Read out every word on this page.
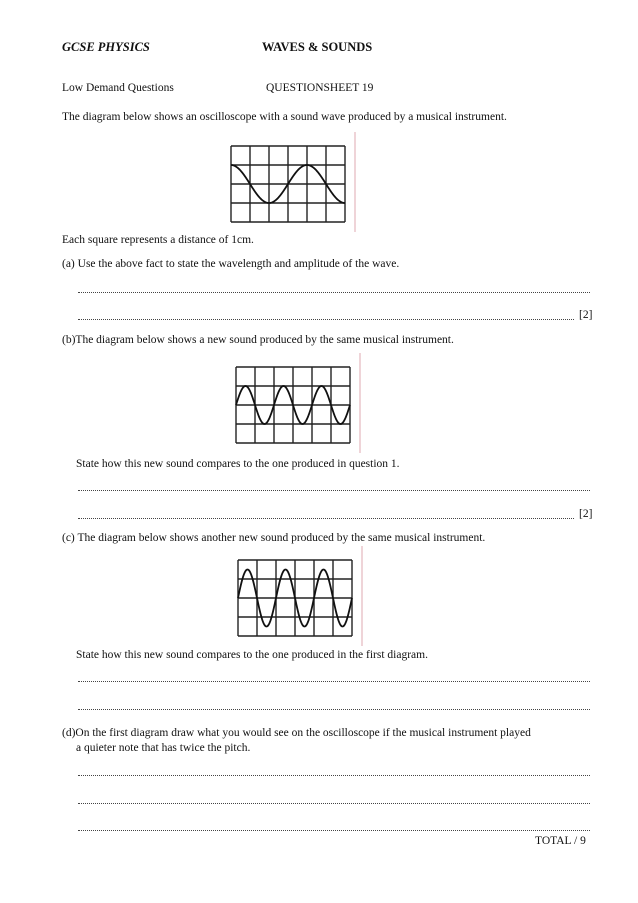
GCSE PHYSICS	WAVES & SOUNDS
Low Demand Questions	QUESTIONSHEET 19
The diagram below shows an oscilloscope with a sound wave produced by a musical instrument.
Each square represents a distance of 1cm.
(a) Use the above fact to state the wavelength and amplitude of the wave.
[2]
(b)The diagram below shows a new sound produced by the same musical instrument.
State how this new sound compares to the one produced in question 1.
[2]
(c) The diagram below shows another new sound produced by the same musical instrument.
State how this new sound compares to the one produced in the first diagram.
(d)On the first diagram draw what you would see on the oscilloscope if the musical instrument played
a quieter note that has twice the pitch.
TOTAL / 9
